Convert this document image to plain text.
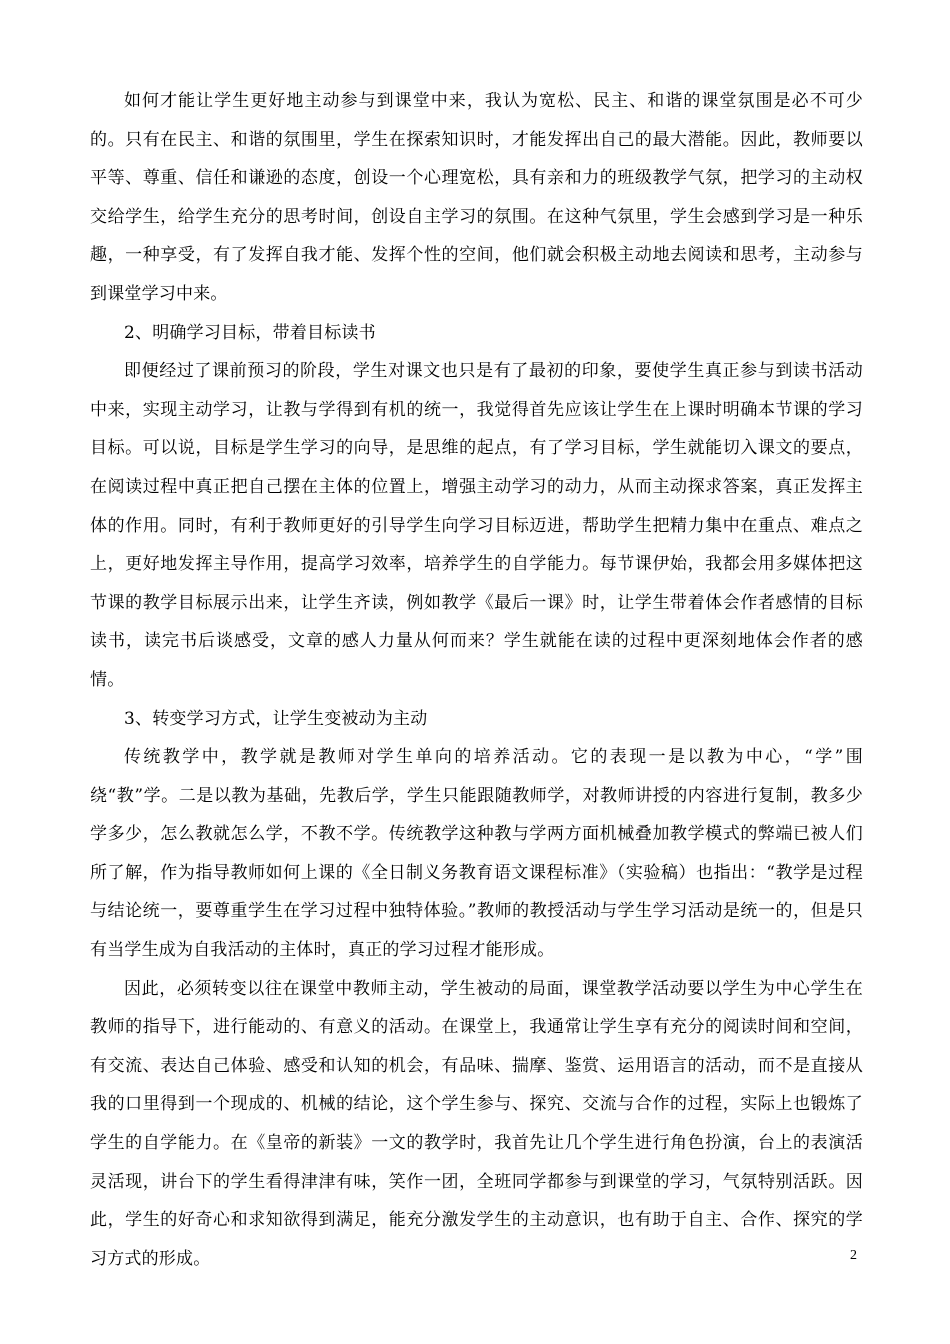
如何才能让学生更好地主动参与到课堂中来，我认为宽松、民主、和谐的课堂氛围是必不可少的。只有在民主、和谐的氛围里，学生在探索知识时，才能发挥出自己的最大潜能。因此，教师要以平等、尊重、信任和谦逊的态度，创设一个心理宽松，具有亲和力的班级教学气氛，把学习的主动权交给学生，给学生充分的思考时间，创设自主学习的氛围。在这种气氛里，学生会感到学习是一种乐趣，一种享受，有了发挥自我才能、发挥个性的空间，他们就会积极主动地去阅读和思考，主动参与到课堂学习中来。

2、明确学习目标，带着目标读书

即便经过了课前预习的阶段，学生对课文也只是有了最初的印象，要使学生真正参与到读书活动中来，实现主动学习，让教与学得到有机的统一，我觉得首先应该让学生在上课时明确本节课的学习目标。可以说，目标是学生学习的向导，是思维的起点，有了学习目标，学生就能切入课文的要点，在阅读过程中真正把自己摆在主体的位置上，增强主动学习的动力，从而主动探求答案，真正发挥主体的作用。同时，有利于教师更好的引导学生向学习目标迈进，帮助学生把精力集中在重点、难点之上，更好地发挥主导作用，提高学习效率，培养学生的自学能力。每节课伊始，我都会用多媒体把这节课的教学目标展示出来，让学生齐读，例如教学《最后一课》时，让学生带着体会作者感情的目标读书，读完书后谈感受，文章的感人力量从何而来？学生就能在读的过程中更深刻地体会作者的感情。

3、转变学习方式，让学生变被动为主动

传统教学中，教学就是教师对学生单向的培养活动。它的表现一是以教为中心，“学”围绕“教”学。二是以教为基础，先教后学，学生只能跟随教师学，对教师讲授的内容进行复制，教多少学多少，怎么教就怎么学，不教不学。传统教学这种教与学两方面机械叠加教学模式的弊端已被人们所了解，作为指导教师如何上课的《全日制义务教育语文课程标准》（实验稿）也指出：“教学是过程与结论统一，要尊重学生在学习过程中独特体验。”教师的教授活动与学生学习活动是统一的，但是只有当学生成为自我活动的主体时，真正的学习过程才能形成。

因此，必须转变以往在课堂中教师主动，学生被动的局面，课堂教学活动要以学生为中心学生在教师的指导下，进行能动的、有意义的活动。在课堂上，我通常让学生享有充分的阅读时间和空间，有交流、表达自己体验、感受和认知的机会，有品味、揣摩、鉴赏、运用语言的活动，而不是直接从我的口里得到一个现成的、机械的结论，这个学生参与、探究、交流与合作的过程，实际上也锻炼了学生的自学能力。在《皇帝的新装》一文的教学时，我首先让几个学生进行角色扮演，台上的表演活灵活现，讲台下的学生看得津津有味，笑作一团，全班同学都参与到课堂的学习，气氛特别活跃。因此，学生的好奇心和求知欲得到满足，能充分激发学生的主动意识，也有助于自主、合作、探究的学习方式的形成。	2
